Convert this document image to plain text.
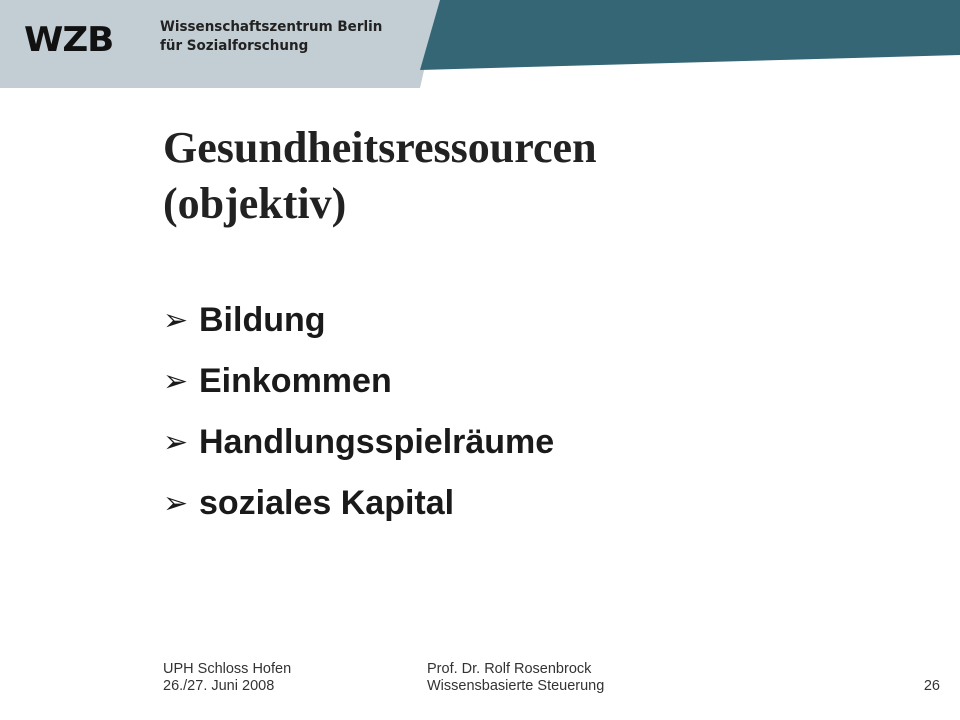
WZB	Wissenschaftszentrum Berlin
für Sozialforschung
Gesundheitsressourcen
(objektiv)
➢ Bildung
➢ Einkommen
➢ Handlungsspielräume
➢ soziales Kapital
UPH Schloss Hofen
26./27. Juni 2008
Prof. Dr. Rolf Rosenbrock
Wissensbasierte Steuerung	26
